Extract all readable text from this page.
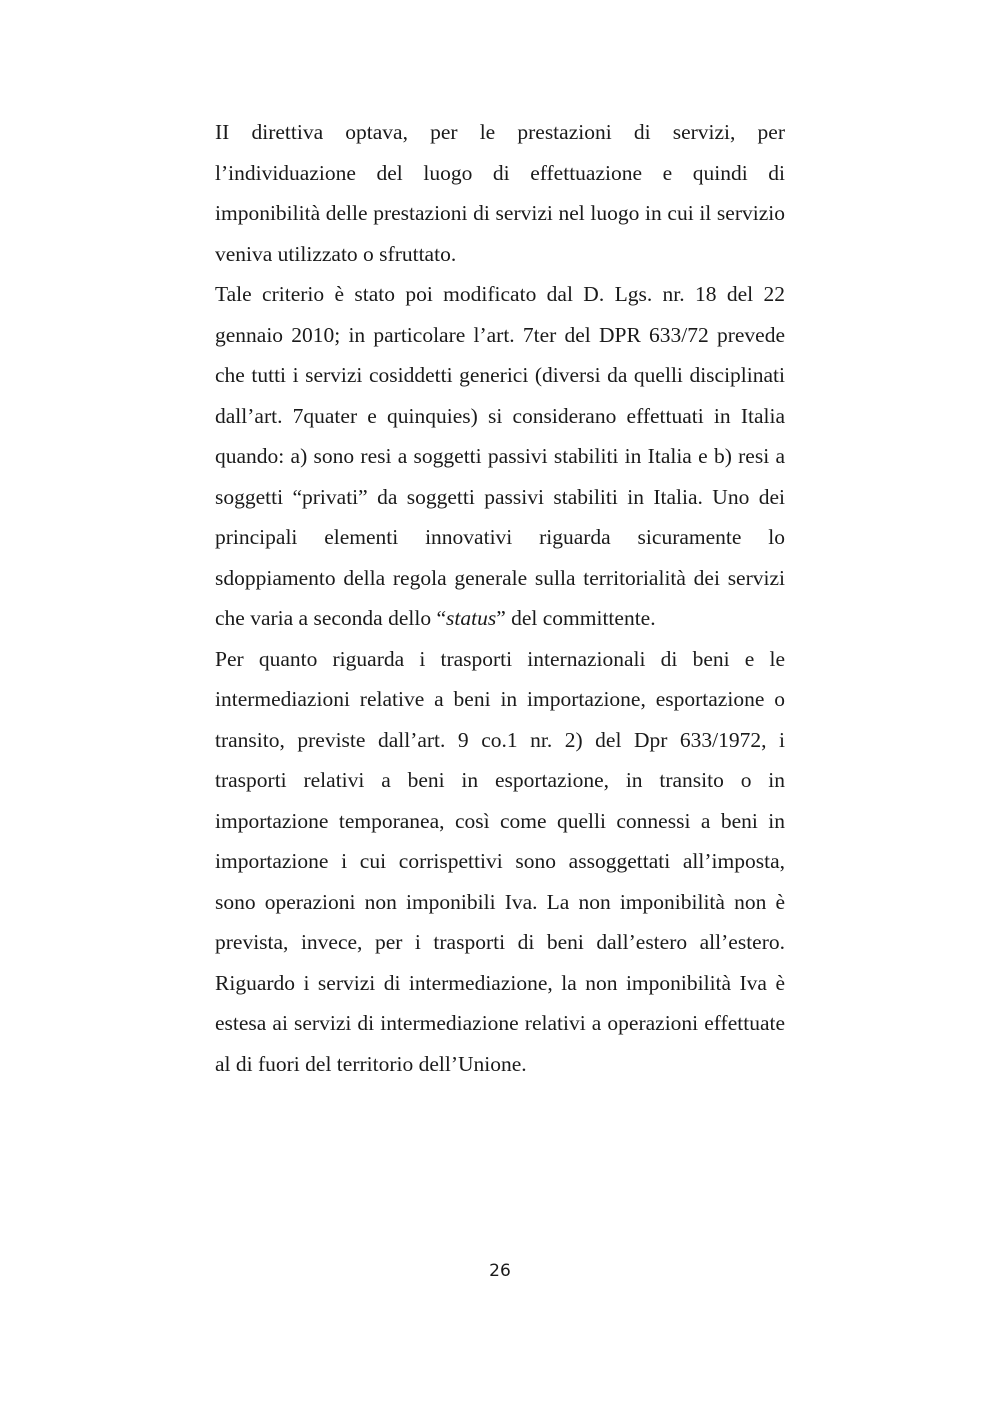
II direttiva optava, per le prestazioni di servizi, per l’individuazione del luogo di effettuazione e quindi di imponibilità delle prestazioni di servizi nel luogo in cui il servizio veniva utilizzato o sfruttato.

Tale criterio è stato poi modificato dal D. Lgs. nr. 18 del 22 gennaio 2010; in particolare l’art. 7ter del DPR 633/72 prevede che tutti i servizi cosiddetti generici (diversi da quelli disciplinati dall’art. 7quater e quinquies) si considerano effettuati in Italia quando: a) sono resi a soggetti passivi stabiliti in Italia e b) resi a soggetti “privati” da soggetti passivi stabiliti in Italia. Uno dei principali elementi innovativi riguarda sicuramente lo sdoppiamento della regola generale sulla territorialità dei servizi che varia a seconda dello “status” del committente.

Per quanto riguarda i trasporti internazionali di beni e le intermediazioni relative a beni in importazione, esportazione o transito, previste dall’art. 9 co.1 nr. 2) del Dpr 633/1972, i trasporti relativi a beni in esportazione, in transito o in importazione temporanea, così come quelli connessi a beni in importazione i cui corrispettivi sono assoggettati all’imposta, sono operazioni non imponibili Iva. La non imponibilità non è prevista, invece, per i trasporti di beni dall’estero all’estero. Riguardo i servizi di intermediazione, la non imponibilità Iva è estesa ai servizi di intermediazione relativi a operazioni effettuate al di fuori del territorio dell’Unione.

26
